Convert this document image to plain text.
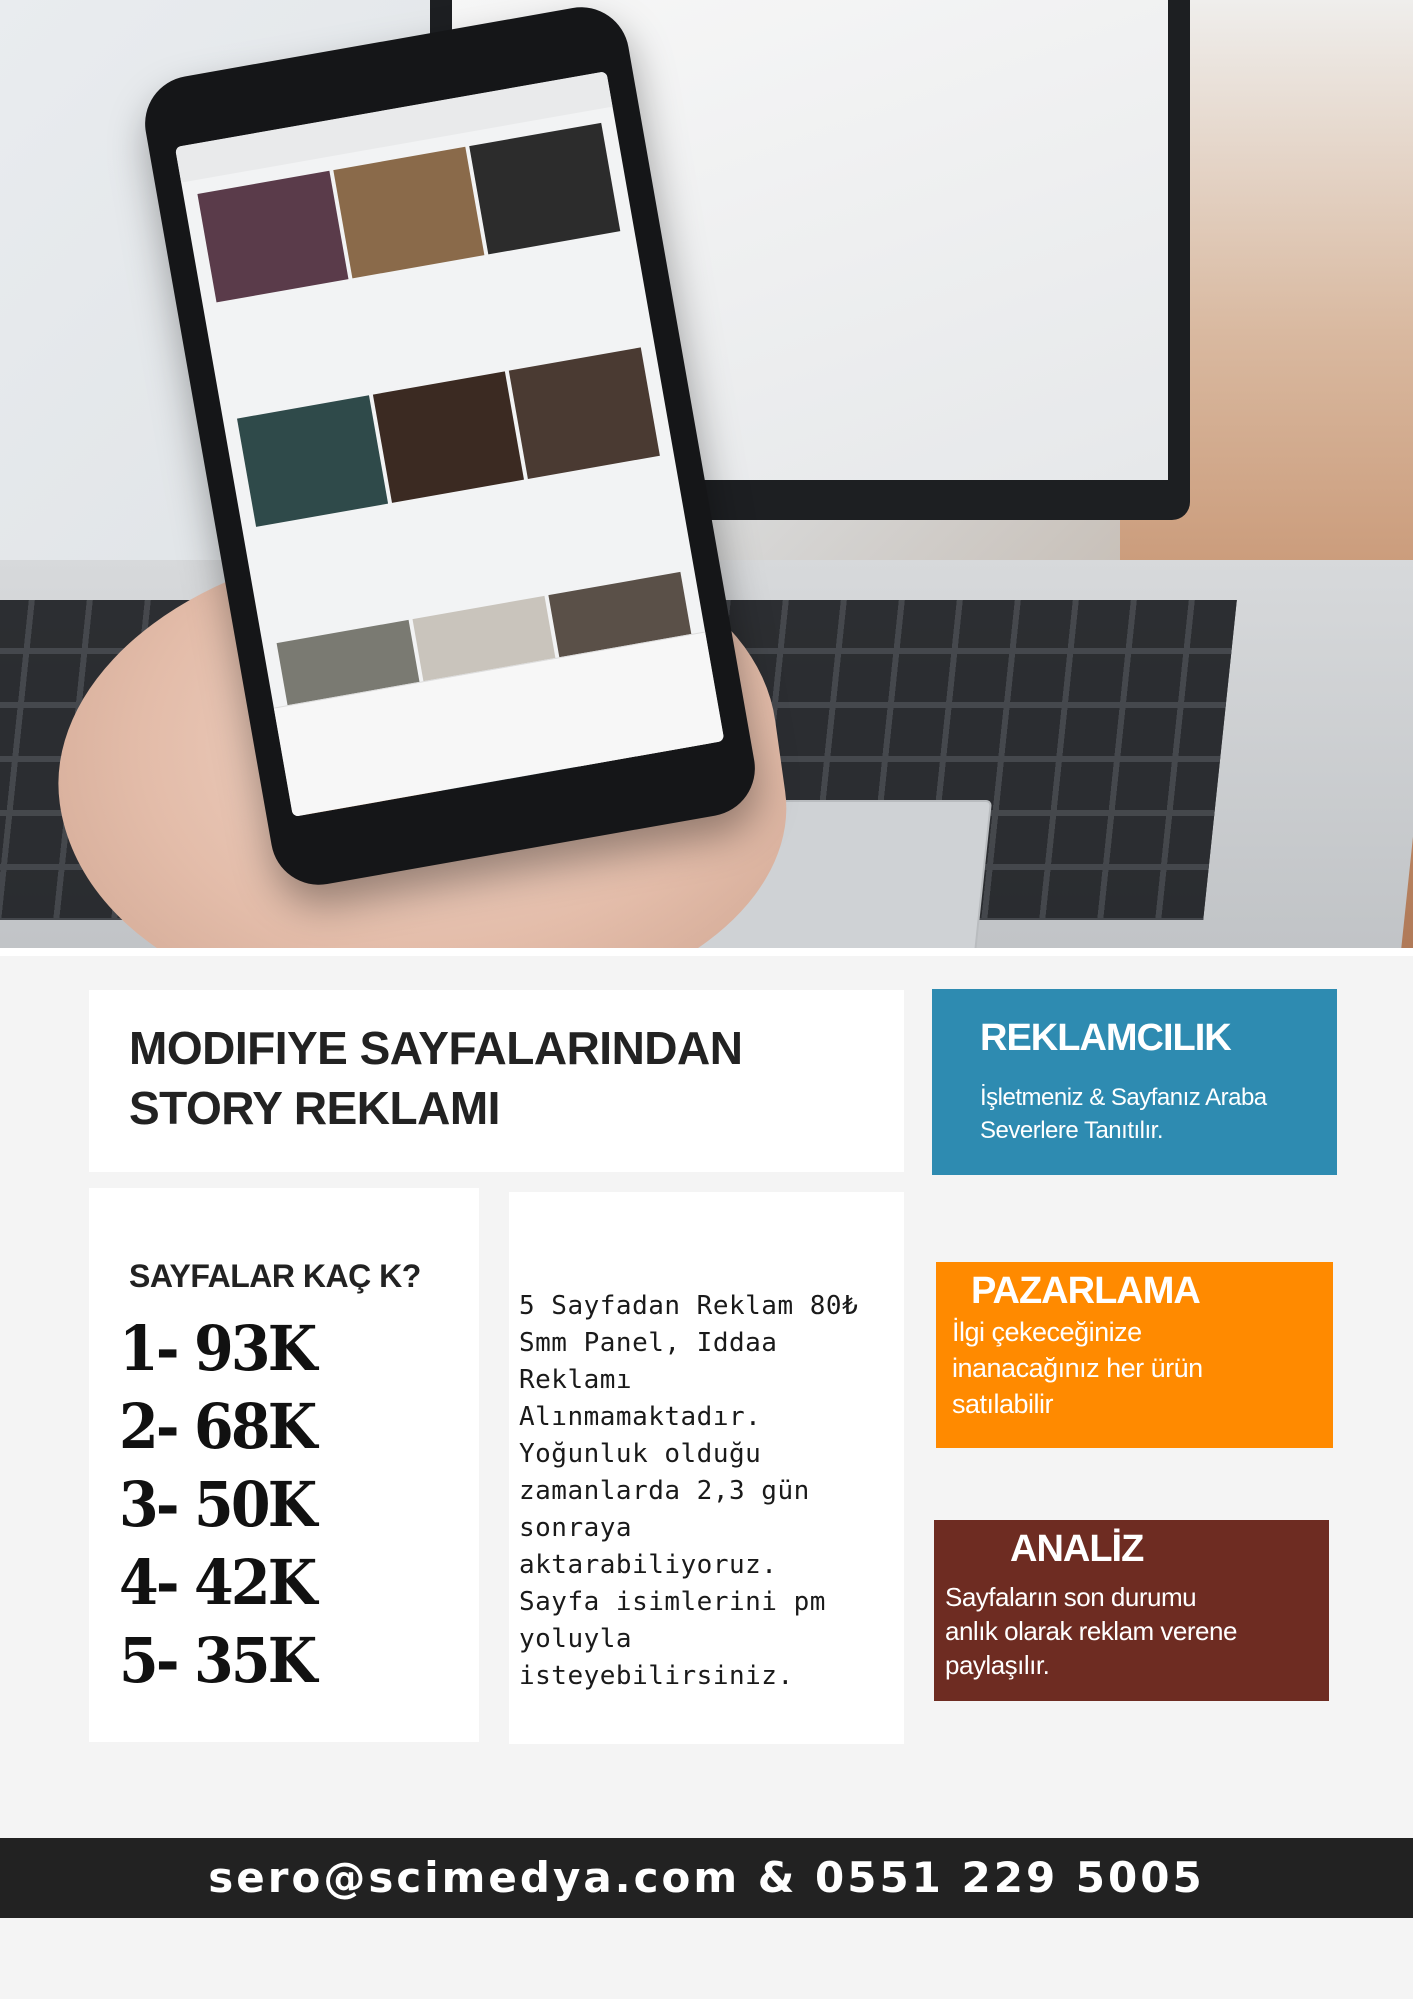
MODIFIYE SAYFALARINDAN
STORY REKLAMI
SAYFALAR KAÇ K?
1- 93K
2- 68K
3- 50K
4- 42K
5- 35K

5 Sayfadan Reklam 80₺
Smm Panel, Iddaa
Reklamı
Alınmamaktadır.
Yoğunluk olduğu
zamanlarda 2,3 gün
sonraya
aktarabiliyoruz.
Sayfa isimlerini pm
yoluyla isteyebilirsiniz.

REKLAMCILIK

İşletmeniz & Sayfanız Araba
Severlere Tanıtılır.

PAZARLAMA

İlgi çekeceğinize
inanacağınız her ürün
satılabilir

ANALİZ

Sayfaların son durumu
anlık olarak reklam verene
paylaşılır.

sero@scimedya.com & 0551 229 5005
